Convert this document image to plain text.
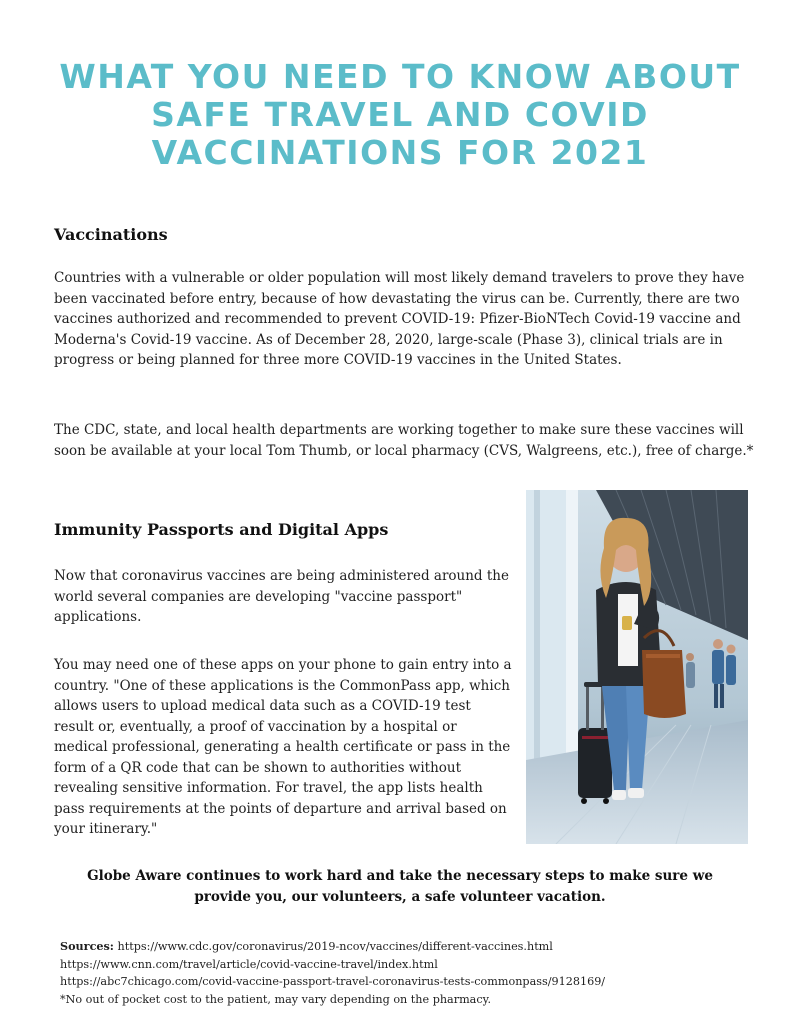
WHAT YOU NEED TO KNOW ABOUT SAFE TRAVEL AND COVID VACCINATIONS FOR 2021
Vaccinations

Countries with a vulnerable or older population will most likely demand travelers to prove they have been vaccinated before entry, because of how devastating the virus can be. Currently, there are two vaccines authorized and recommended to prevent COVID-19: Pfizer-BioNTech Covid-19 vaccine and Moderna's Covid-19 vaccine. As of December 28, 2020, large-scale (Phase 3), clinical trials are in progress or being planned for three more COVID-19 vaccines in the United States.

The CDC, state, and local health departments are working together to make sure these vaccines will soon be available at your local Tom Thumb, or local pharmacy (CVS, Walgreens, etc.), free of charge.*

Immunity Passports and Digital Apps

Now that coronavirus vaccines are being administered around the world several companies are developing "vaccine passport" applications.

You may need one of these apps on your phone to gain entry into a country. "One of these applications is the CommonPass app, which allows users to upload medical data such as a COVID-19 test result or, eventually, a proof of vaccination by a hospital or medical professional, generating a health certificate or pass in the form of a QR code that can be shown to authorities without revealing sensitive information. For travel, the app lists health pass requirements at the points of departure and arrival based on your itinerary."

Globe Aware continues to work hard and take the necessary steps to make sure we provide you, our volunteers, a safe volunteer vacation.

Sources: https://www.cdc.gov/coronavirus/2019-ncov/vaccines/different-vaccines.html
https://www.cnn.com/travel/article/covid-vaccine-travel/index.html
https://abc7chicago.com/covid-vaccine-passport-travel-coronavirus-tests-commonpass/9128169/
*No out of pocket cost to the patient, may vary depending on the pharmacy.
